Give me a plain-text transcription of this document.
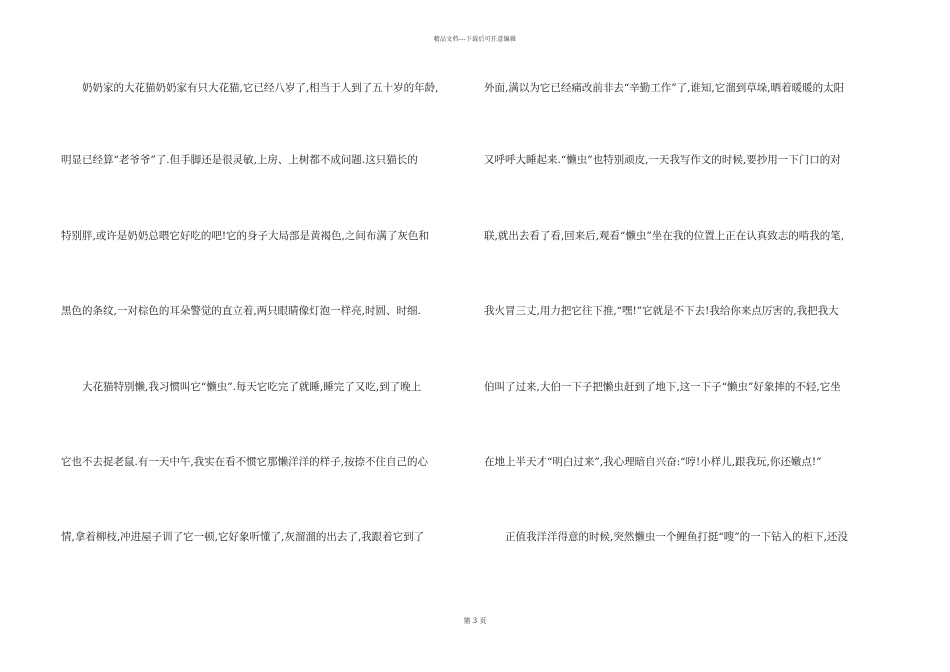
精品文档---下载后可任意编辑
奶奶家的大花猫奶奶家有只大花猫,它已经八岁了,相当于人到了五十岁的年龄,
明显已经算“老爷爷”了.但手脚还是很灵敏,上房、上树都不成问题.这只猫长的
特别胖,或许是奶奶总喂它好吃的吧!它的身子大局部是黄褐色,之间布满了灰色和
黑色的条纹,一对棕色的耳朵警觉的直立着,两只眼睛像灯泡一样亮,时圆、时细.
大花猫特别懒,我习惯叫它“懒虫”.每天它吃完了就睡,睡完了又吃,到了晚上
它也不去捉老鼠.有一天中午,我实在看不惯它那懒洋洋的样子,按捺不住自己的心
情,拿着柳枝,冲进屋子训了它一顿,它好象听懂了,灰溜溜的出去了,我跟着它到了
外面,满以为它已经痛改前非去“辛勤工作”了,谁知,它溜到草垛,晒着暖暖的太阳
又呼呼大睡起来.“懒虫”也特别顽皮,一天我写作文的时候,要抄用一下门口的对
联,就出去看了看,回来后,观看“懒虫”坐在我的位置上正在认真致志的啃我的笔,
我火冒三丈,用力把它往下推,“嘿!”它就是不下去!我给你来点厉害的,我把我大
伯叫了过来,大伯一下子把懒虫赶到了地下,这一下子“懒虫”好象摔的不轻,它坐
在地上半天才“明白过来”,我心理暗自兴奋:“哼!小样儿,跟我玩,你还嫩点!”
正值我洋洋得意的时候,突然懒虫一个鲤鱼打挺“嗖”的一下钻入的柜下,还没
第 3 页
